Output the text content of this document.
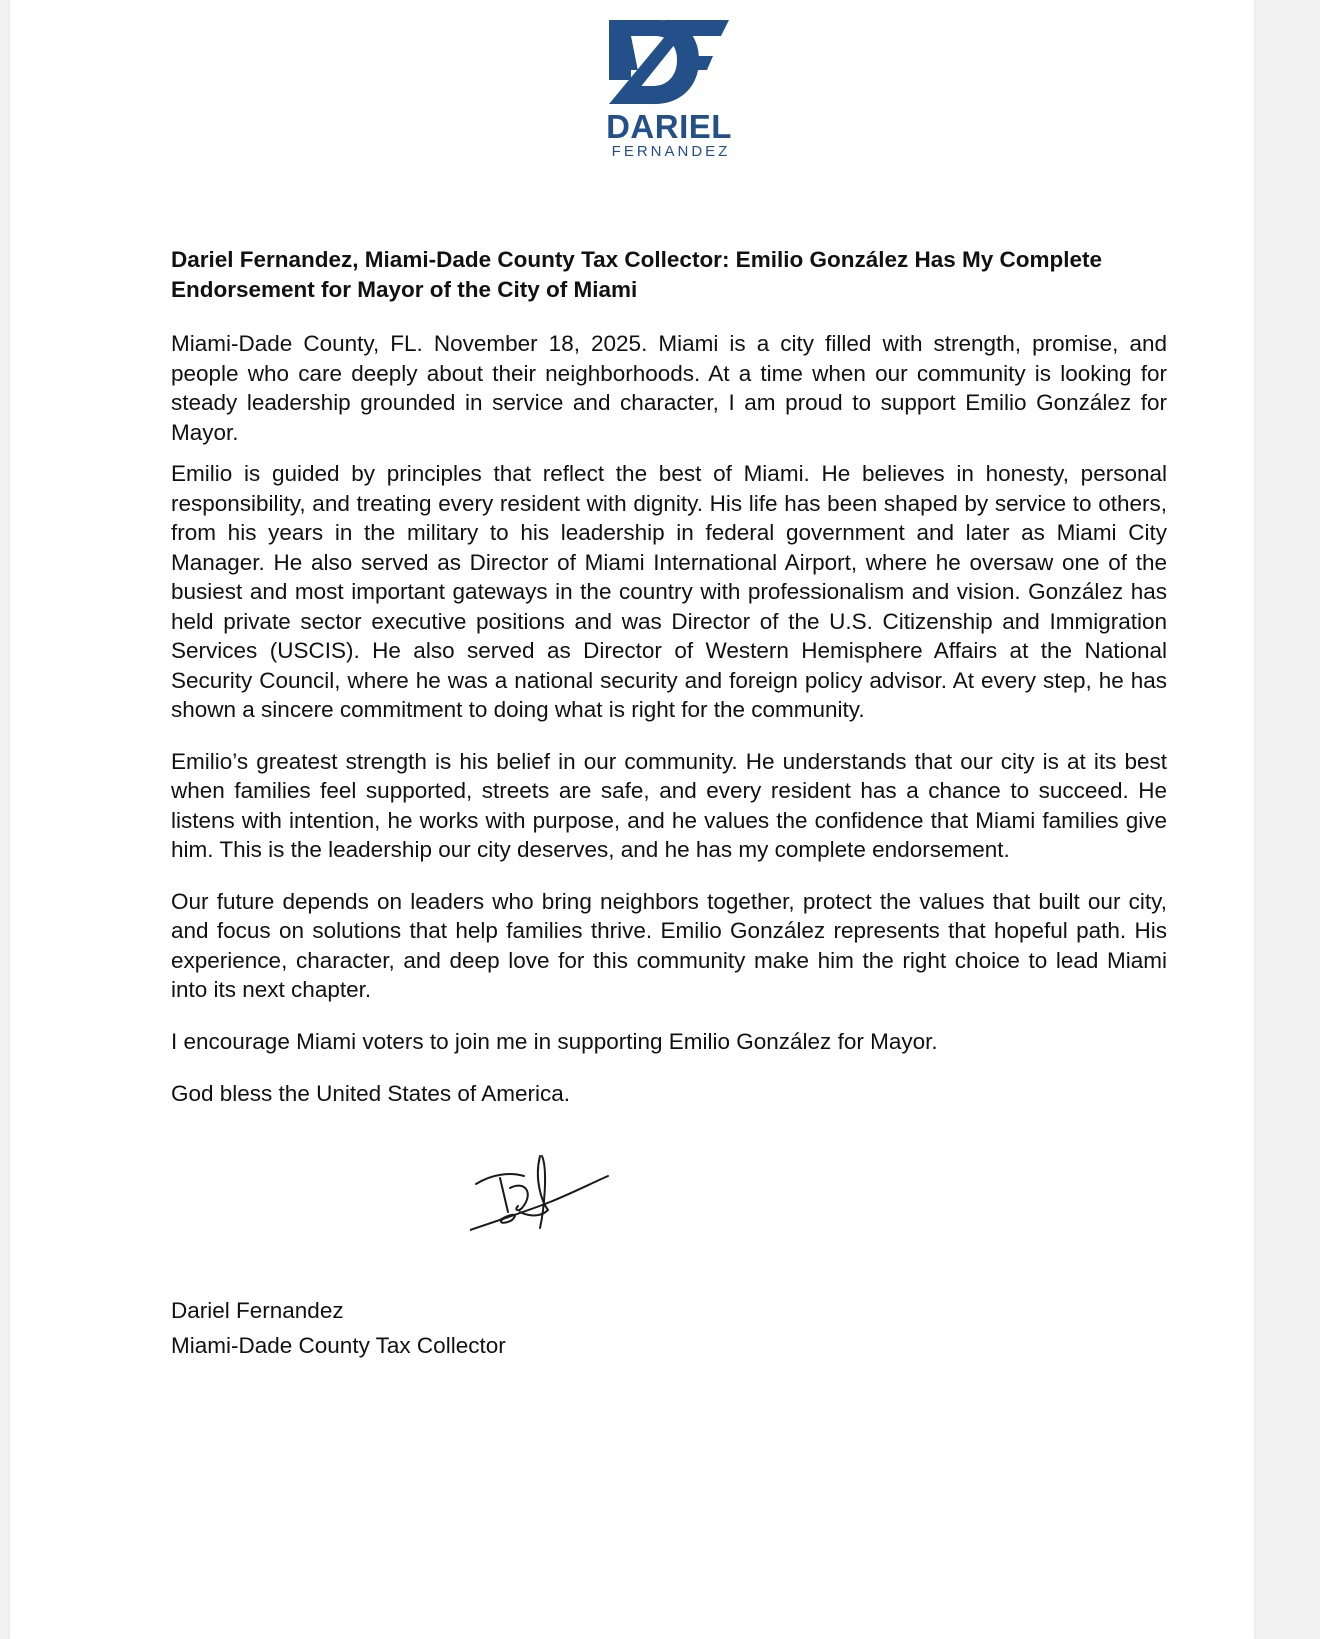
DARIEL
FERNANDEZ
Dariel Fernandez, Miami-Dade County Tax Collector: Emilio González Has My Complete Endorsement for Mayor of the City of Miami

Miami-Dade County, FL. November 18, 2025. Miami is a city filled with strength, promise, and people who care deeply about their neighborhoods. At a time when our community is looking for steady leadership grounded in service and character, I am proud to support Emilio González for Mayor.

Emilio is guided by principles that reflect the best of Miami. He believes in honesty, personal responsibility, and treating every resident with dignity. His life has been shaped by service to others, from his years in the military to his leadership in federal government and later as Miami City Manager. He also served as Director of Miami International Airport, where he oversaw one of the busiest and most important gateways in the country with professionalism and vision. González has held private sector executive positions and was Director of the U.S. Citizenship and Immigration Services (USCIS). He also served as Director of Western Hemisphere Affairs at the National Security Council, where he was a national security and foreign policy advisor. At every step, he has shown a sincere commitment to doing what is right for the community.

Emilio’s greatest strength is his belief in our community. He understands that our city is at its best when families feel supported, streets are safe, and every resident has a chance to succeed. He listens with intention, he works with purpose, and he values the confidence that Miami families give him. This is the leadership our city deserves, and he has my complete endorsement.

Our future depends on leaders who bring neighbors together, protect the values that built our city, and focus on solutions that help families thrive. Emilio González represents that hopeful path. His experience, character, and deep love for this community make him the right choice to lead Miami into its next chapter.

I encourage Miami voters to join me in supporting Emilio González for Mayor.

God bless the United States of America.

Dariel Fernandez
Miami-Dade County Tax Collector
